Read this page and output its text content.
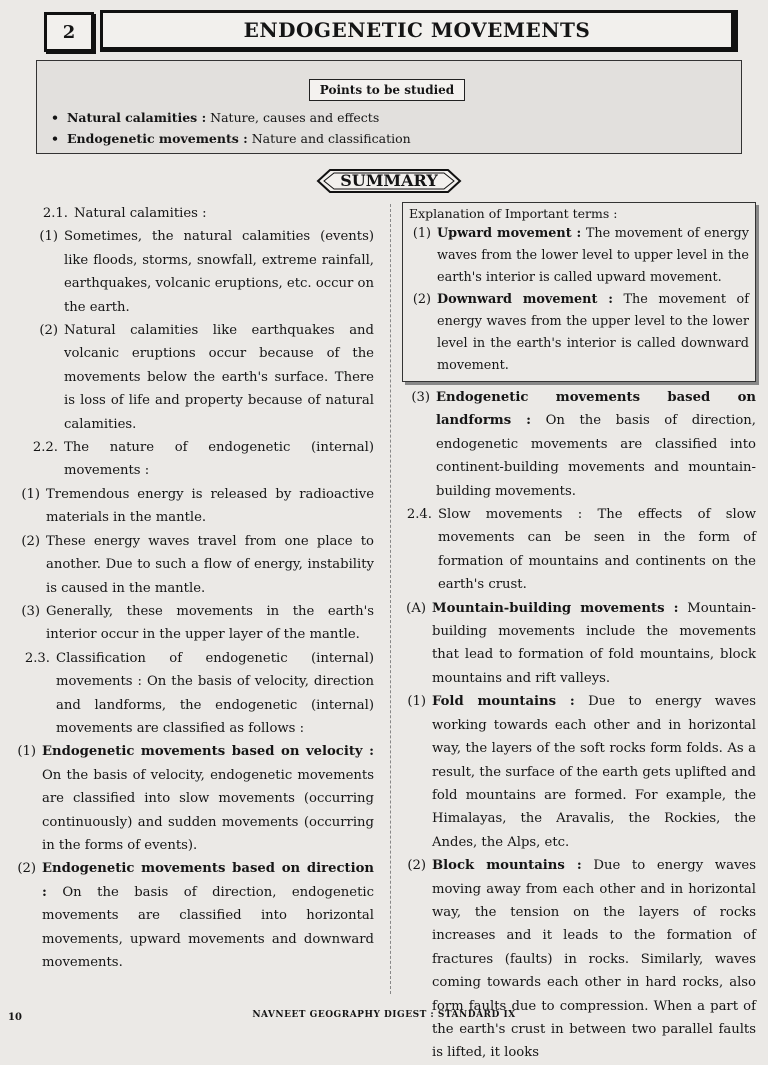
2	ENDOGENETIC MOVEMENTS
Points to be studied
• Natural calamities : Nature, causes and effects
• Endogenetic movements : Nature and classification
SUMMARY
2.1. Natural calamities :
(1) Sometimes, the natural calamities (events) like floods, storms, snowfall, extreme rainfall, earthquakes, volcanic eruptions, etc. occur on the earth.
(2) Natural calamities like earthquakes and volcanic eruptions occur because of the movements below the earth's surface. There is loss of life and property because of natural calamities.
2.2. The nature of endogenetic (internal) movements :
(1) Tremendous energy is released by radioactive materials in the mantle.
(2) These energy waves travel from one place to another. Due to such a flow of energy, instability is caused in the mantle.
(3) Generally, these movements in the earth's interior occur in the upper layer of the mantle.
2.3. Classification of endogenetic (internal) movements : On the basis of velocity, direction and landforms, the endogenetic (internal) movements are classified as follows :
(1) Endogenetic movements based on velocity : On the basis of velocity, endogenetic movements are classified into slow movements (occurring continuously) and sudden movements (occurring in the forms of events).
(2) Endogenetic movements based on direction : On the basis of direction, endogenetic movements are classified into horizontal movements, upward movements and downward movements.
Explanation of Important terms :
(1) Upward movement : The movement of energy waves from the lower level to upper level in the earth's interior is called upward movement.
(2) Downward movement : The movement of energy waves from the upper level to the lower level in the earth's interior is called downward movement.
(3) Endogenetic movements based on landforms : On the basis of direction, endogenetic movements are classified into continent-building movements and mountain-building movements.
2.4. Slow movements : The effects of slow movements can be seen in the form of formation of mountains and continents on the earth's crust.
(A) Mountain-building movements : Mountain-building movements include the movements that lead to formation of fold mountains, block mountains and rift valleys.
(1) Fold mountains : Due to energy waves working towards each other and in horizontal way, the layers of the soft rocks form folds. As a result, the surface of the earth gets uplifted and fold mountains are formed. For example, the Himalayas, the Aravalis, the Rockies, the Andes, the Alps, etc.
(2) Block mountains : Due to energy waves moving away from each other and in horizontal way, the tension on the layers of rocks increases and it leads to the formation of fractures (faults) in rocks. Similarly, waves coming towards each other in hard rocks, also form faults due to compression. When a part of the earth's crust in between two parallel faults is lifted, it looks
10	NAVNEET GEOGRAPHY DIGEST : STANDARD IX
